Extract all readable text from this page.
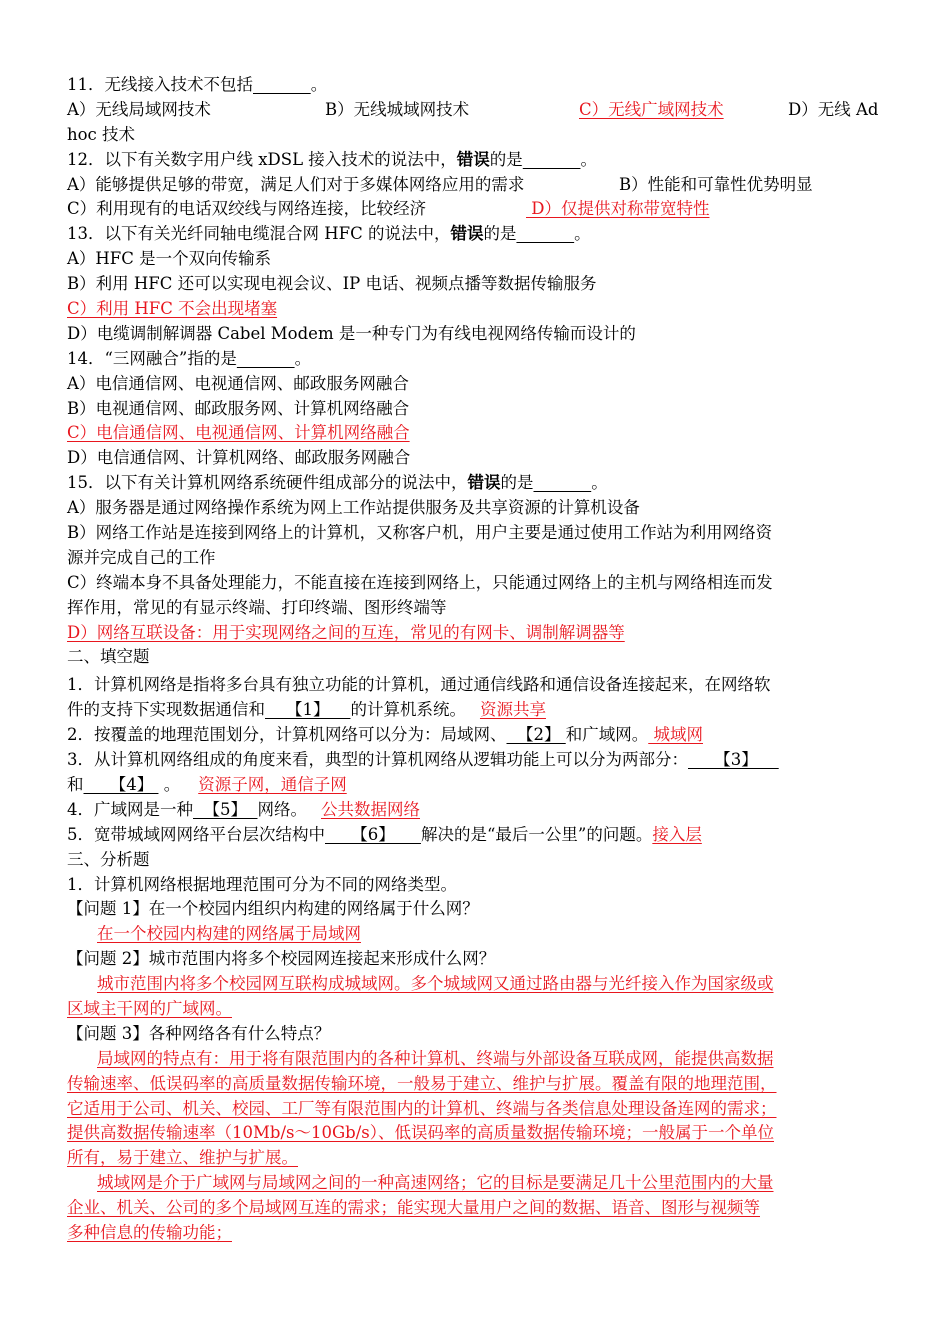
11．无线接入技术不包括	。
A）无线局域网技术	B）无线城域网技术	C）无线广域网技术	D）无线 Ad
hoc 技术
12．以下有关数字用户线 xDSL 接入技术的说法中，错误的是	。
A）能够提供足够的带宽，满足人们对于多媒体网络应用的需求	B）性能和可靠性优势明显
C）利用现有的电话双绞线与网络连接，比较经济	D）仅提供对称带宽特性
13．以下有关光纤同轴电缆混合网 HFC 的说法中，错误的是	。
A）HFC 是一个双向传输系
B）利用 HFC 还可以实现电视会议、IP 电话、视频点播等数据传输服务
C）利用 HFC 不会出现堵塞
D）电缆调制解调器 Cabel Modem 是一种专门为有线电视网络传输而设计的
14．“三网融合”指的是	。
A）电信通信网、电视通信网、邮政服务网融合
B）电视通信网、邮政服务网、计算机网络融合
C）电信通信网、电视通信网、计算机网络融合
D）电信通信网、计算机网络、邮政服务网融合
15．以下有关计算机网络系统硬件组成部分的说法中，错误的是	。
A）服务器是通过网络操作系统为网上工作站提供服务及共享资源的计算机设备
B）网络工作站是连接到网络上的计算机，又称客户机，用户主要是通过使用工作站为利用网络资
源并完成自己的工作
C）终端本身不具备处理能力，不能直接在连接到网络上，只能通过网络上的主机与网络相连而发
挥作用，常见的有显示终端、打印终端、图形终端等
D）网络互联设备：用于实现网络之间的互连，常见的有网卡、调制解调器等
二、填空题
1．计算机网络是指将多台具有独立功能的计算机，通过通信线路和通信设备连接起来，在网络软
件的支持下实现数据通信和    【1】    的计算机系统。 资源共享
2．按覆盖的地理范围划分，计算机网络可以分为：局域网、  【2】 和广域网。 城域网
3．从计算机网络组成的角度来看，典型的计算机网络从逻辑功能上可以分为两部分：     【3】
和     【4】  。 资源子网，通信子网
4．广域网是一种  【5】  网络。 公共数据网络
5．宽带城域网网络平台层次结构中     【6】     解决的是“最后一公里”的问题。接入层
三、分析题
1．计算机网络根据地理范围可分为不同的网络类型。
【问题 1】在一个校园内组织内构建的网络属于什么网？
在一个校园内构建的网络属于局域网
【问题 2】城市范围内将多个校园网连接起来形成什么网？
城市范围内将多个校园网互联构成城域网。多个城域网又通过路由器与光纤接入作为国家级或
区域主干网的广域网。
【问题 3】各种网络各有什么特点？
局域网的特点有：用于将有限范围内的各种计算机、终端与外部设备互联成网，能提供高数据
传输速率、低误码率的高质量数据传输环境，一般易于建立、维护与扩展。覆盖有限的地理范围，
它适用于公司、机关、校园、工厂等有限范围内的计算机、终端与各类信息处理设备连网的需求；
提供高数据传输速率（10Mb/s～10Gb/s）、低误码率的高质量数据传输环境；一般属于一个单位
所有，易于建立、维护与扩展。
城域网是介于广域网与局域网之间的一种高速网络；它的目标是要满足几十公里范围内的大量
企业、机关、公司的多个局域网互连的需求；能实现大量用户之间的数据、语音、图形与视频等
多种信息的传输功能；
